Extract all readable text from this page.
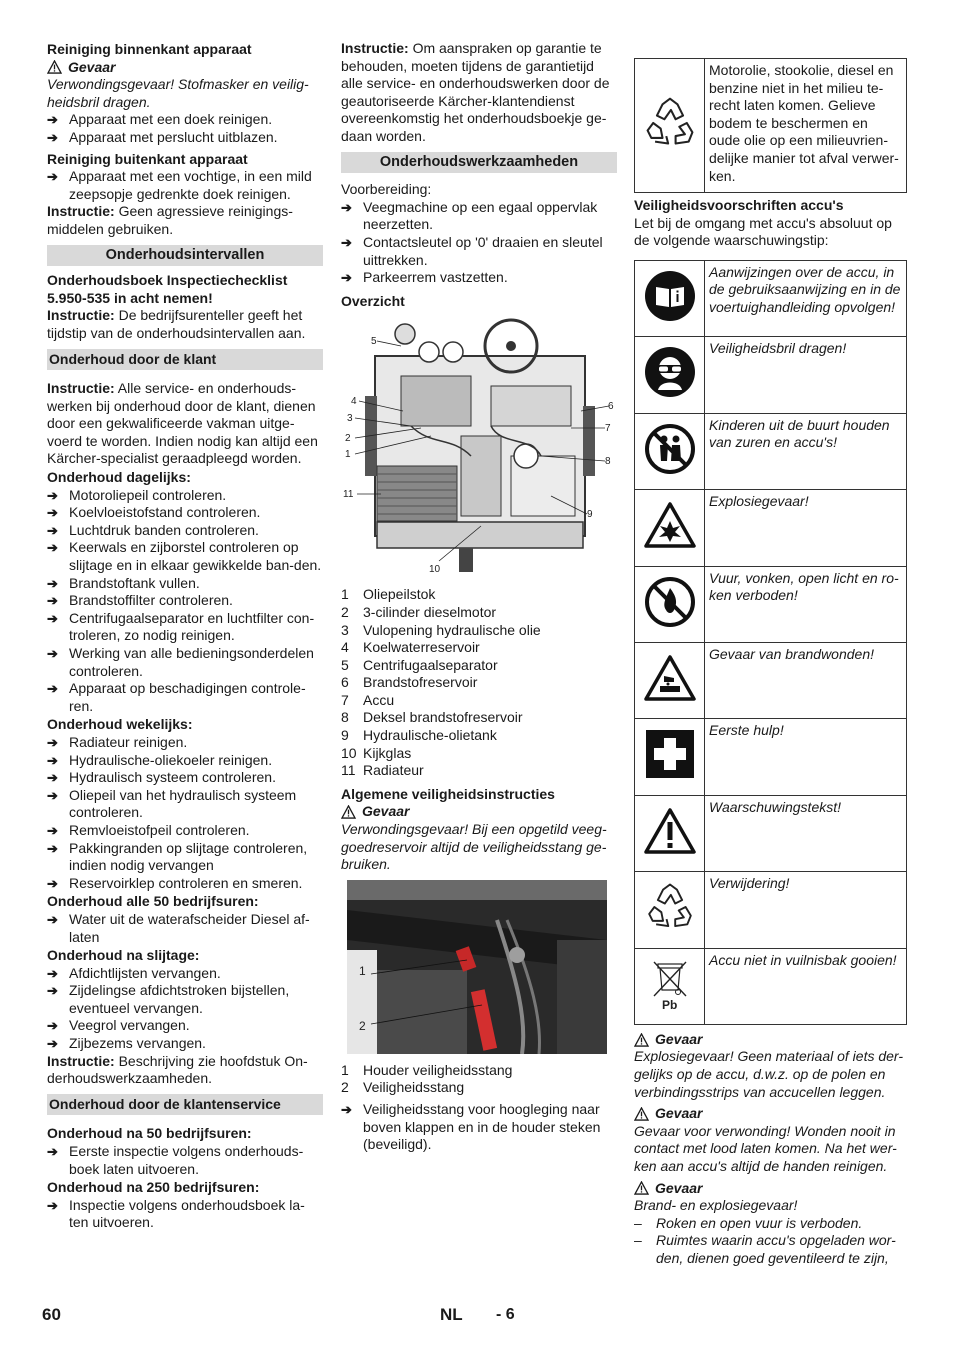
Reiniging binnenkant apparaat

Gevaar

Verwondingsgevaar! Stofmasker en veilig-heidsbril dragen.

➔ Apparaat met een doek reinigen.
➔ Apparaat met perslucht uitblazen.

Reiniging buitenkant apparaat

➔ Apparaat met een vochtige, in een mild zeepsopje gedrenkte doek reinigen.

Instructie: Geen agressieve reinigings-middelen gebruiken.

Onderhoudsintervallen

Onderhoudsboek Inspectiechecklist 5.950-535 in acht nemen!

Instructie: De bedrijfsurenteller geeft het tijdstip van de onderhoudsintervallen aan.

Onderhoud door de klant

Instructie: Alle service- en onderhouds-werken bij onderhoud door de klant, dienen door een gekwalificeerde vakman uitge-voerd te worden. Indien nodig kan altijd een Kärcher-specialist geraadpleegd worden.

Onderhoud dagelijks:

➔ Motoroliepeil controleren.
➔ Koelvloeistofstand controleren.
➔ Luchtdruk banden controleren.
➔ Keerwals en zijborstel controleren op slijtage en in elkaar gewikkelde ban-den.
➔ Brandstoftank vullen.
➔ Brandstoffilter controleren.
➔ Centrifugaalseparator en luchtfilter con-troleren, zo nodig reinigen.
➔ Werking van alle bedieningsonderdelen controleren.
➔ Apparaat op beschadigingen controle-ren.

Onderhoud wekelijks:

➔ Radiateur reinigen.
➔ Hydraulische-oliekoeler reinigen.
➔ Hydraulisch systeem controleren.
➔ Oliepeil van het hydraulisch systeem controleren.
➔ Remvloeistofpeil controleren.
➔ Pakkingranden op slijtage controleren, indien nodig vervangen
➔ Reservoirklep controleren en smeren.

Onderhoud alle 50 bedrijfsuren:

➔ Water uit de waterafscheider Diesel af-laten

Onderhoud na slijtage:

➔ Afdichtlijsten vervangen.
➔ Zijdelingse afdichtstroken bijstellen, eventueel vervangen.
➔ Veegrol vervangen.
➔ Zijbezems vervangen.

Instructie: Beschrijving zie hoofdstuk On-derhoudswerkzaamheden.

Onderhoud door de klantenservice

Onderhoud na 50 bedrijfsuren:

➔ Eerste inspectie volgens onderhouds-boek laten uitvoeren.

Onderhoud na 250 bedrijfsuren:

➔ Inspectie volgens onderhoudsboek la-ten uitvoeren.

Instructie: Om aanspraken op garantie te behouden, moeten tijdens de garantietijd alle service- en onderhoudswerken door de geautoriseerde Kärcher-klantendienst overeenkomstig het onderhoudsboekje ge-daan worden.

Onderhoudswerkzaamheden

Voorbereiding:

➔ Veegmachine op een egaal oppervlak neerzetten.
➔ Contactsleutel op '0' draaien en sleutel uittrekken.
➔ Parkeerrem vastzetten.

Overzicht

5
4
3
2
1
11
10
6
7
8
9
1	Oliepeilstok
2	3-cilinder dieselmotor
3	Vulopening hydraulische olie
4	Koelwaterreservoir
5	Centrifugaalseparator
6	Brandstofreservoir
7	Accu
8	Deksel brandstofreservoir
9	Hydraulische-olietank
10 Kijkglas
11 Radiateur

Algemene veiligheidsinstructies

Gevaar

Verwondingsgevaar! Bij een opgetild veeg-goedreservoir altijd de veiligheidsstang ge-bruiken.

1
2
1	Houder veiligheidsstang
2	Veiligheidsstang
➔ Veiligheidsstang voor hoogleging naar boven klappen en in de houder steken (beveiligd).
	Motorolie, stookolie, diesel en benzine niet in het milieu te-recht laten komen. Gelieve bodem te beschermen en oude olie op een milieuvrien-delijke manier tot afval verwer-ken.

Veiligheidsvoorschriften accu's

Let bij de omgang met accu's absoluut op de volgende waarschuwingstip:

	Aanwijzingen over de accu, in de gebruiksaanwijzing en in de voertuighandleiding opvolgen!
	Veiligheidsbril dragen!
	Kinderen uit de buurt houden van zuren en accu's!
	Explosiegevaar!
	Vuur, vonken, open licht en ro-ken verboden!
	Gevaar van brandwonden!
	Eerste hulp!
	Waarschuwingstekst!
	Verwijdering!

Pb	Accu niet in vuilnisbak gooien!

Gevaar

Explosiegevaar! Geen materiaal of iets der-gelijks op de accu, d.w.z. op de polen en verbindingsstrips van accucellen leggen.

Gevaar

Gevaar voor verwonding! Wonden nooit in contact met lood laten komen. Na het wer-ken aan accu's altijd de handen reinigen.

Gevaar

Brand- en explosiegevaar!

– Roken en open vuur is verboden.
– Ruimtes waarin accu's opgeladen wor-den, dienen goed geventileerd te zijn,
60	NL - 6
